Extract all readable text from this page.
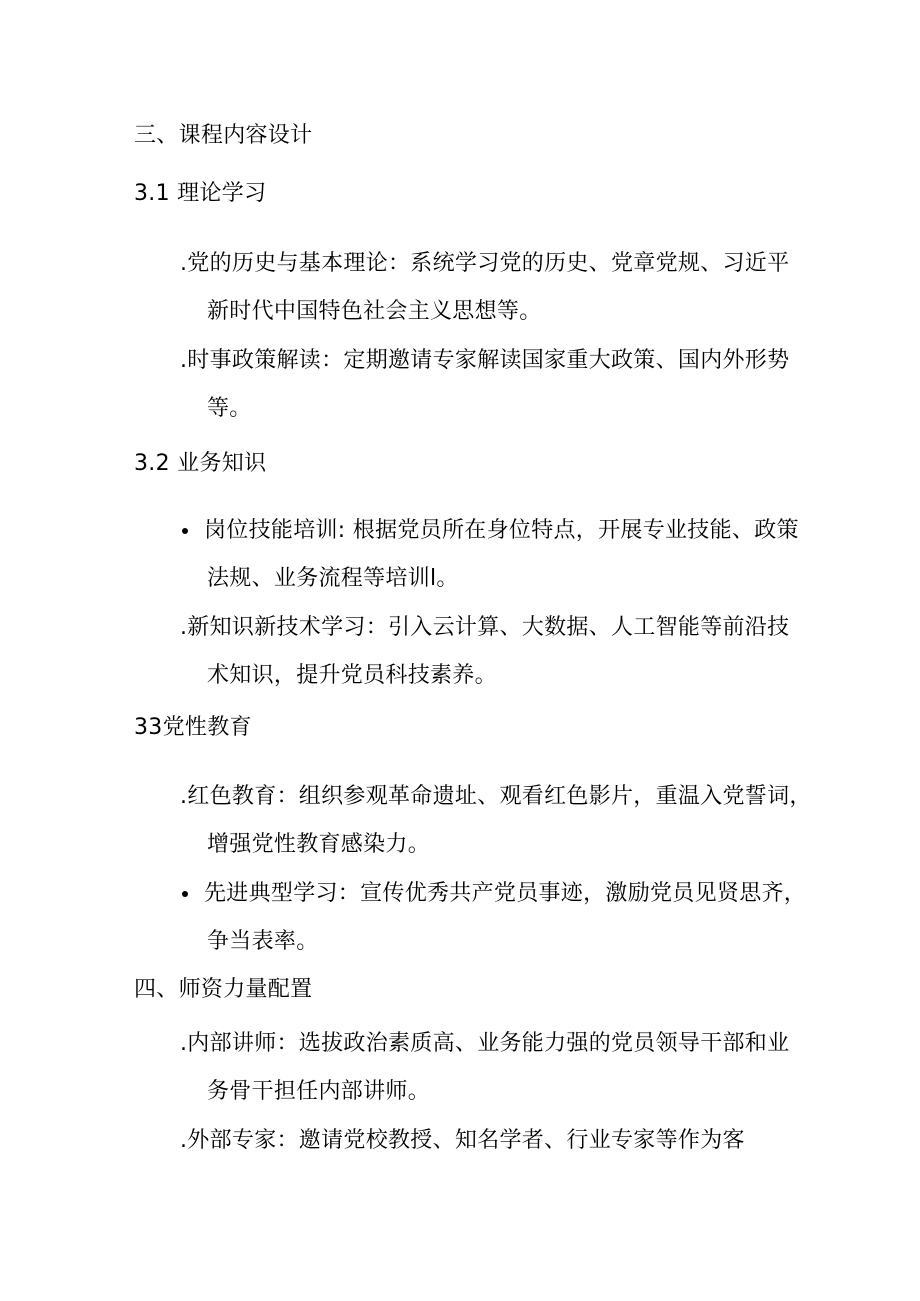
三、课程内容设计
3.1 理论学习
.党的历史与基本理论：系统学习党的历史、党章党规、习近平
新时代中国特色社会主义思想等。
.时事政策解读：定期邀请专家解读国家重大政策、国内外形势
等。
3.2 业务知识
岗位技能培训: 根据党员所在身位特点，开展专业技能、政策
法规、业务流程等培训l。
.新知识新技术学习：引入云计算、大数据、人工智能等前沿技
术知识，提升党员科技素养。
33党性教育
.红色教育：组织参观革命遗址、观看红色影片，重温入党誓词，
增强党性教育感染力。
先进典型学习：宣传优秀共产党员事迹，激励党员见贤思齐，
争当表率。
四、师资力量配置
.内部讲师：选拔政治素质高、业务能力强的党员领导干部和业
务骨干担任内部讲师。
.外部专家：邀请党校教授、知名学者、行业专家等作为客
